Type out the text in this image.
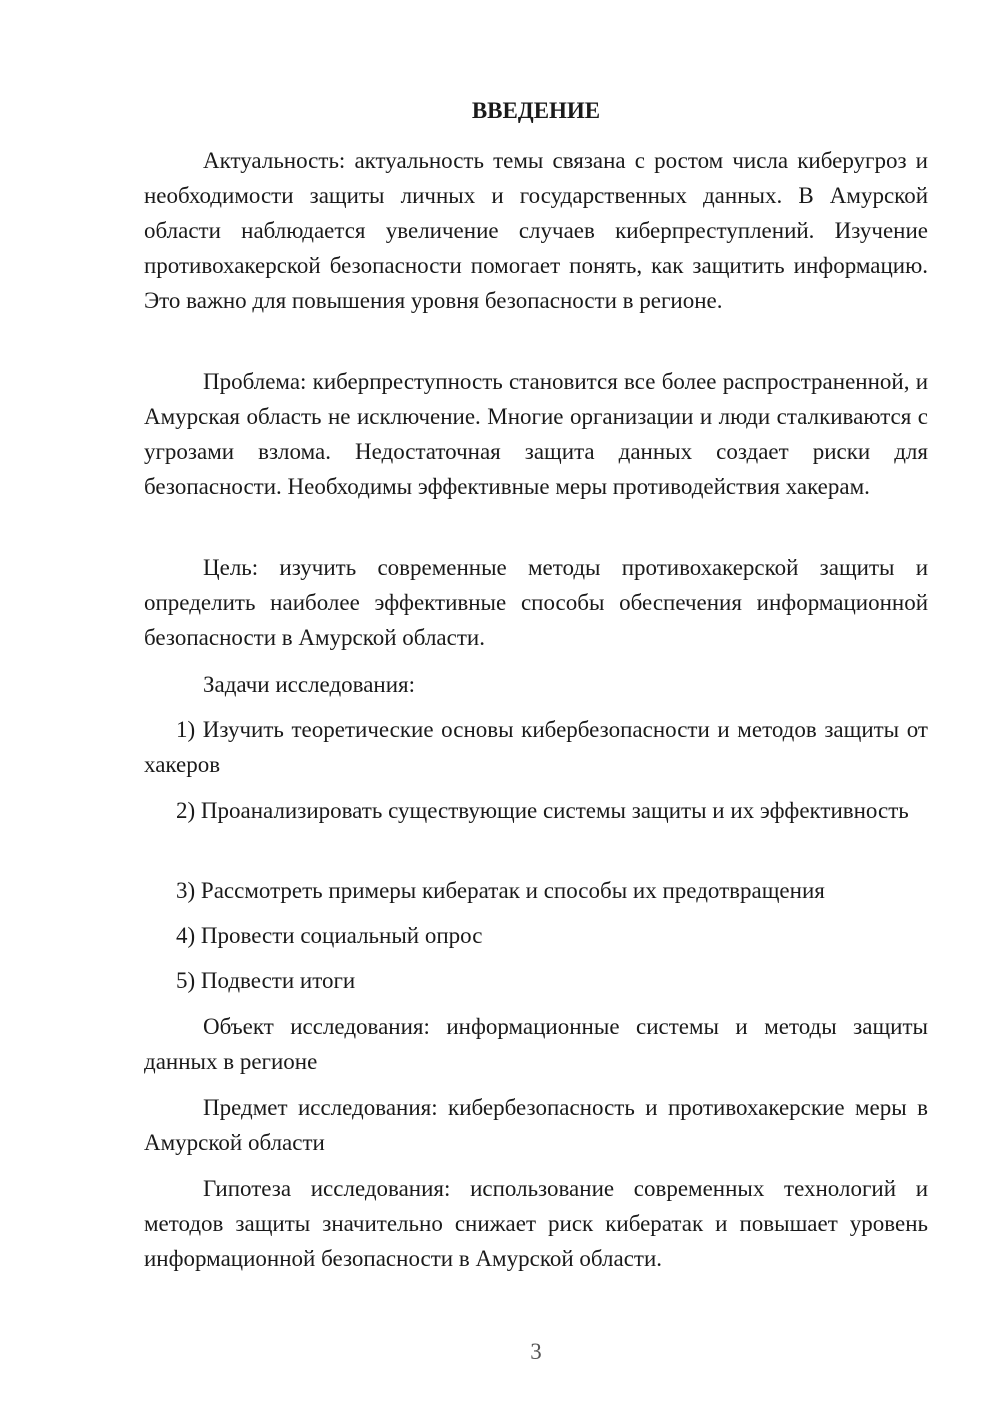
ВВЕДЕНИЕ

Актуальность: актуальность темы связана с ростом числа киберугроз и необходимости защиты личных и государственных данных. В Амурской области наблюдается увеличение случаев киберпреступлений. Изучение противохакерской безопасности помогает понять, как защитить информацию. Это важно для повышения уровня безопасности в регионе.

Проблема: киберпреступность становится все более распространенной, и Амурская область не исключение. Многие организации и люди сталкиваются с угрозами взлома. Недостаточная защита данных создает риски для безопасности. Необходимы эффективные меры противодействия хакерам.

Цель: изучить современные методы противохакерской защиты и определить наиболее эффективные способы обеспечения информационной безопасности в Амурской области.

Задачи исследования:

1) Изучить теоретические основы кибербезопасности и методов защиты от хакеров

2) Проанализировать существующие системы защиты и их эффективность

3) Рассмотреть примеры кибератак и способы их предотвращения

4) Провести социальный опрос

5) Подвести итоги

Объект исследования: информационные системы и методы защиты данных в регионе

Предмет исследования: кибербезопасность и противохакерские меры в Амурской области

Гипотеза исследования: использование современных технологий и методов защиты значительно снижает риск кибератак и повышает уровень информационной безопасности в Амурской области.

3
